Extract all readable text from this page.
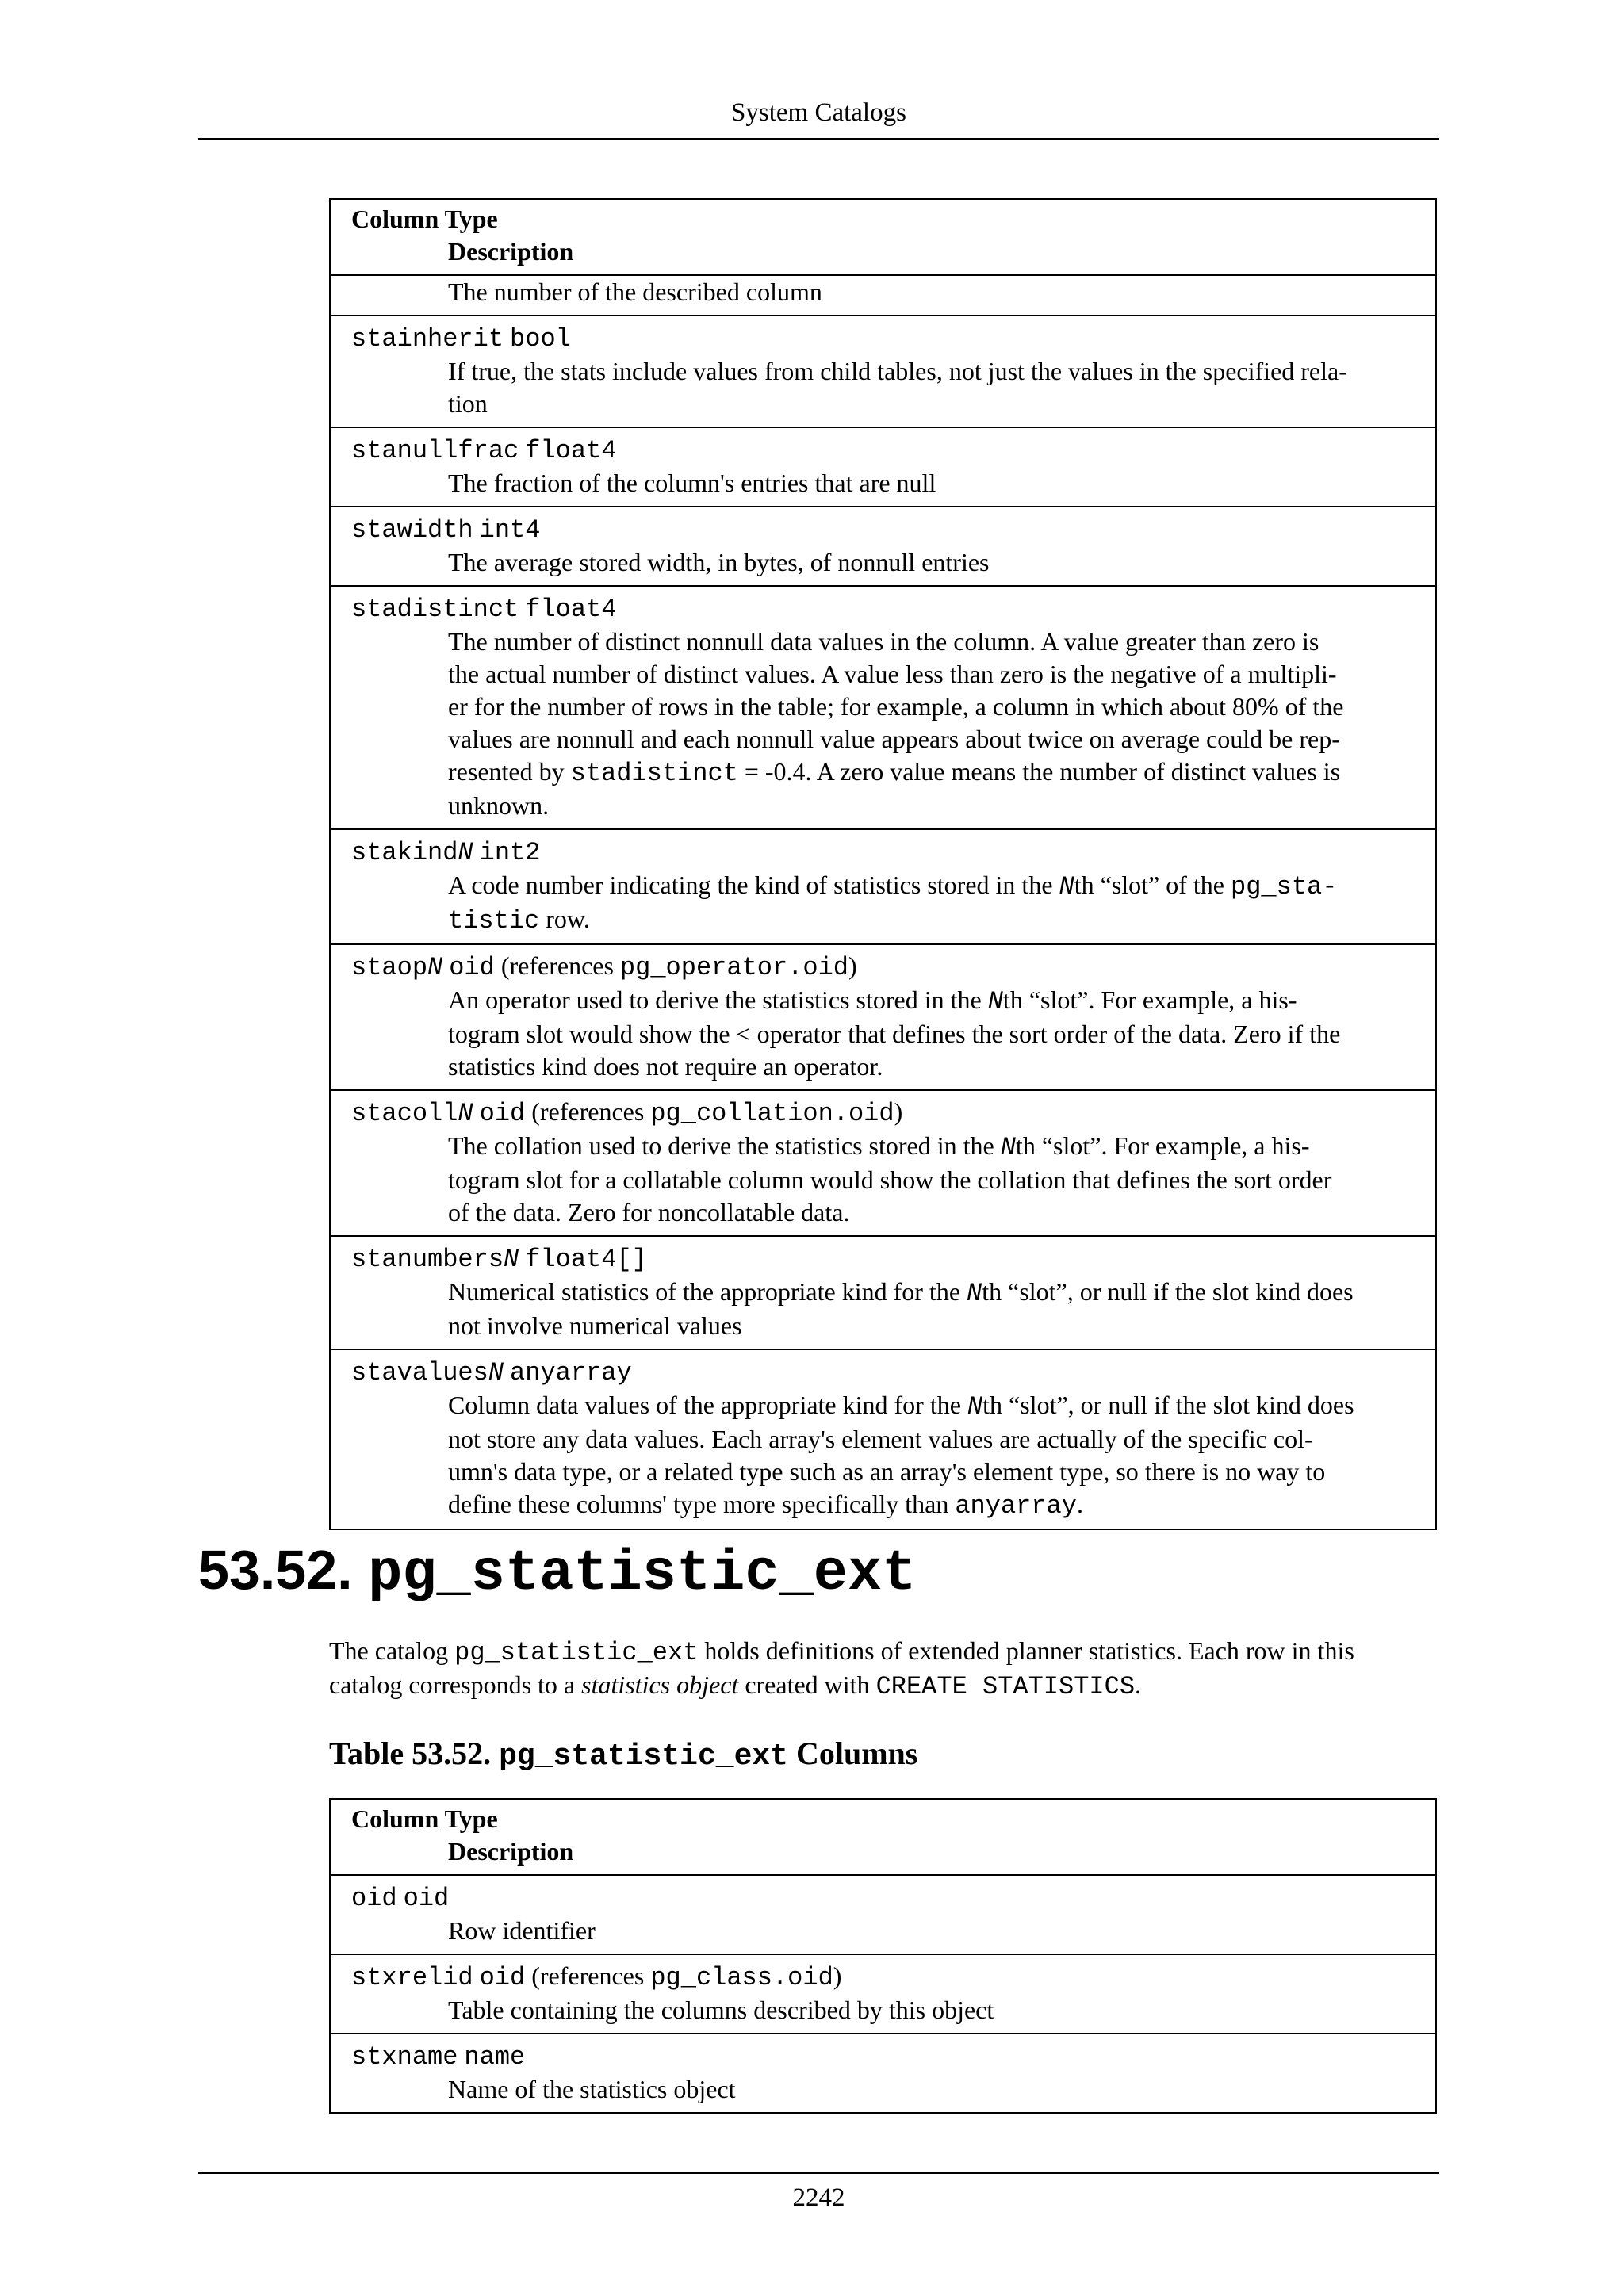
System Catalogs
Column Type
Description
The number of the described column
stainherit bool
If true, the stats include values from child tables, not just the values in the specified rela-
tion
stanullfrac float4
The fraction of the column's entries that are null
stawidth int4
The average stored width, in bytes, of nonnull entries
stadistinct float4
The number of distinct nonnull data values in the column. A value greater than zero is
the actual number of distinct values. A value less than zero is the negative of a multipli-
er for the number of rows in the table; for example, a column in which about 80% of the
values are nonnull and each nonnull value appears about twice on average could be rep-
resented by stadistinct = -0.4. A zero value means the number of distinct values is
unknown.
stakindN int2
A code number indicating the kind of statistics stored in the Nth “slot” of the pg_sta-
tistic row.
staopN oid (references pg_operator.oid)
An operator used to derive the statistics stored in the Nth “slot”. For example, a his-
togram slot would show the < operator that defines the sort order of the data. Zero if the
statistics kind does not require an operator.
stacollN oid (references pg_collation.oid)
The collation used to derive the statistics stored in the Nth “slot”. For example, a his-
togram slot for a collatable column would show the collation that defines the sort order
of the data. Zero for noncollatable data.
stanumbersN float4[]
Numerical statistics of the appropriate kind for the Nth “slot”, or null if the slot kind does
not involve numerical values
stavaluesN anyarray
Column data values of the appropriate kind for the Nth “slot”, or null if the slot kind does
not store any data values. Each array's element values are actually of the specific col-
umn's data type, or a related type such as an array's element type, so there is no way to
define these columns' type more specifically than anyarray.
53.52. pg_statistic_ext
The catalog pg_statistic_ext holds definitions of extended planner statistics. Each row in this
catalog corresponds to a statistics object created with CREATE STATISTICS.
Table 53.52. pg_statistic_ext Columns
Column Type
Description
oid oid
Row identifier
stxrelid oid (references pg_class.oid)
Table containing the columns described by this object
stxname name
Name of the statistics object
2242
